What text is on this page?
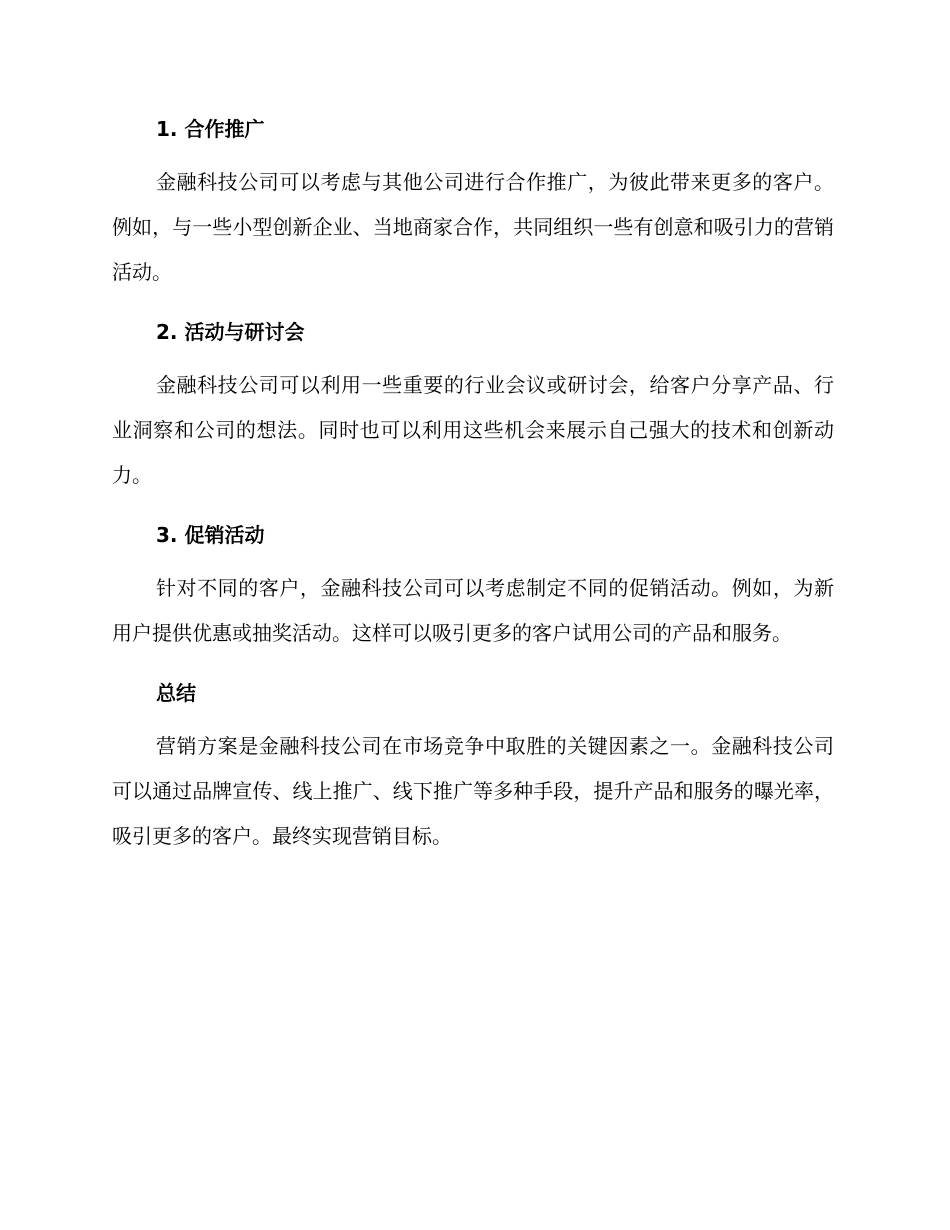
1. 合作推广

金融科技公司可以考虑与其他公司进行合作推广，为彼此带来更多的客户。例如，与一些小型创新企业、当地商家合作，共同组织一些有创意和吸引力的营销活动。

2. 活动与研讨会

金融科技公司可以利用一些重要的行业会议或研讨会，给客户分享产品、行业洞察和公司的想法。同时也可以利用这些机会来展示自己强大的技术和创新动力。

3. 促销活动

针对不同的客户，金融科技公司可以考虑制定不同的促销活动。例如，为新用户提供优惠或抽奖活动。这样可以吸引更多的客户试用公司的产品和服务。

总结

营销方案是金融科技公司在市场竞争中取胜的关键因素之一。金融科技公司可以通过品牌宣传、线上推广、线下推广等多种手段，提升产品和服务的曝光率，吸引更多的客户。最终实现营销目标。
